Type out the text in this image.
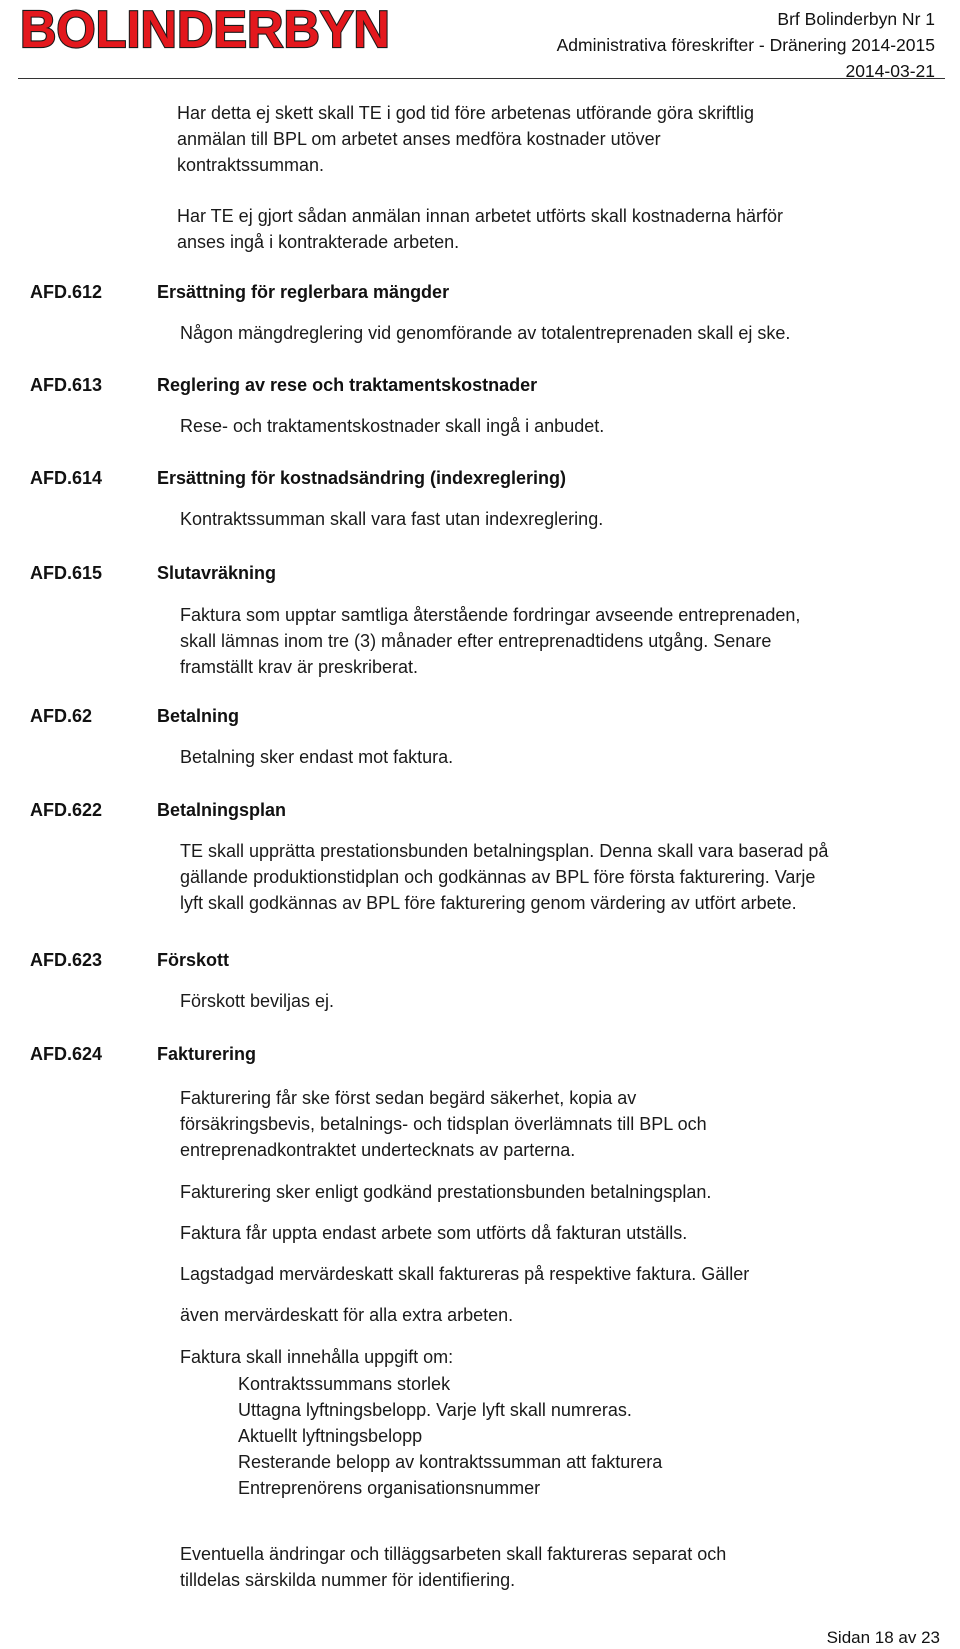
BOLINDERBYN	Brf Bolinderbyn Nr 1
Administrativa föreskrifter - Dränering 2014-2015
2014-03-21

Har detta ej skett skall TE i god tid före arbetenas utförande göra skriftlig
anmälan till BPL om arbetet anses medföra kostnader utöver
kontraktssumman.

Har TE ej gjort sådan anmälan innan arbetet utförts skall kostnaderna härför
anses ingå i kontrakterade arbeten.

AFD.612	Ersättning för reglerbara mängder

Någon mängdreglering vid genomförande av totalentreprenaden skall ej ske.

AFD.613	Reglering av rese och traktamentskostnader

Rese- och traktamentskostnader skall ingå i anbudet.

AFD.614	Ersättning för kostnadsändring (indexreglering)

Kontraktssumman skall vara fast utan indexreglering.

AFD.615	Slutavräkning

Faktura som upptar samtliga återstående fordringar avseende entreprenaden,
skall lämnas inom tre (3) månader efter entreprenadtidens utgång. Senare
framställt krav är preskriberat.

AFD.62	Betalning

Betalning sker endast mot faktura.

AFD.622	Betalningsplan

TE skall upprätta prestationsbunden betalningsplan. Denna skall vara baserad på
gällande produktionstidplan och godkännas av BPL före första fakturering. Varje
lyft skall godkännas av BPL före fakturering genom värdering av utfört arbete.

AFD.623	Förskott

Förskott beviljas ej.

AFD.624	Fakturering

Fakturering får ske först sedan begärd säkerhet, kopia av
försäkringsbevis, betalnings- och tidsplan överlämnats till BPL och
entreprenadkontraktet undertecknats av parterna.

Fakturering sker enligt godkänd prestationsbunden betalningsplan.

Faktura får uppta endast arbete som utförts då fakturan utställs.

Lagstadgad mervärdeskatt skall faktureras på respektive faktura. Gäller

även mervärdeskatt för alla extra arbeten.

Faktura skall innehålla uppgift om:

Kontraktssummans storlek
Uttagna lyftningsbelopp. Varje lyft skall numreras.
Aktuellt lyftningsbelopp
Resterande belopp av kontraktssumman att fakturera
Entreprenörens organisationsnummer

Eventuella ändringar och tilläggsarbeten skall faktureras separat och
tilldelas särskilda nummer för identifiering.

Sidan 18 av 23
